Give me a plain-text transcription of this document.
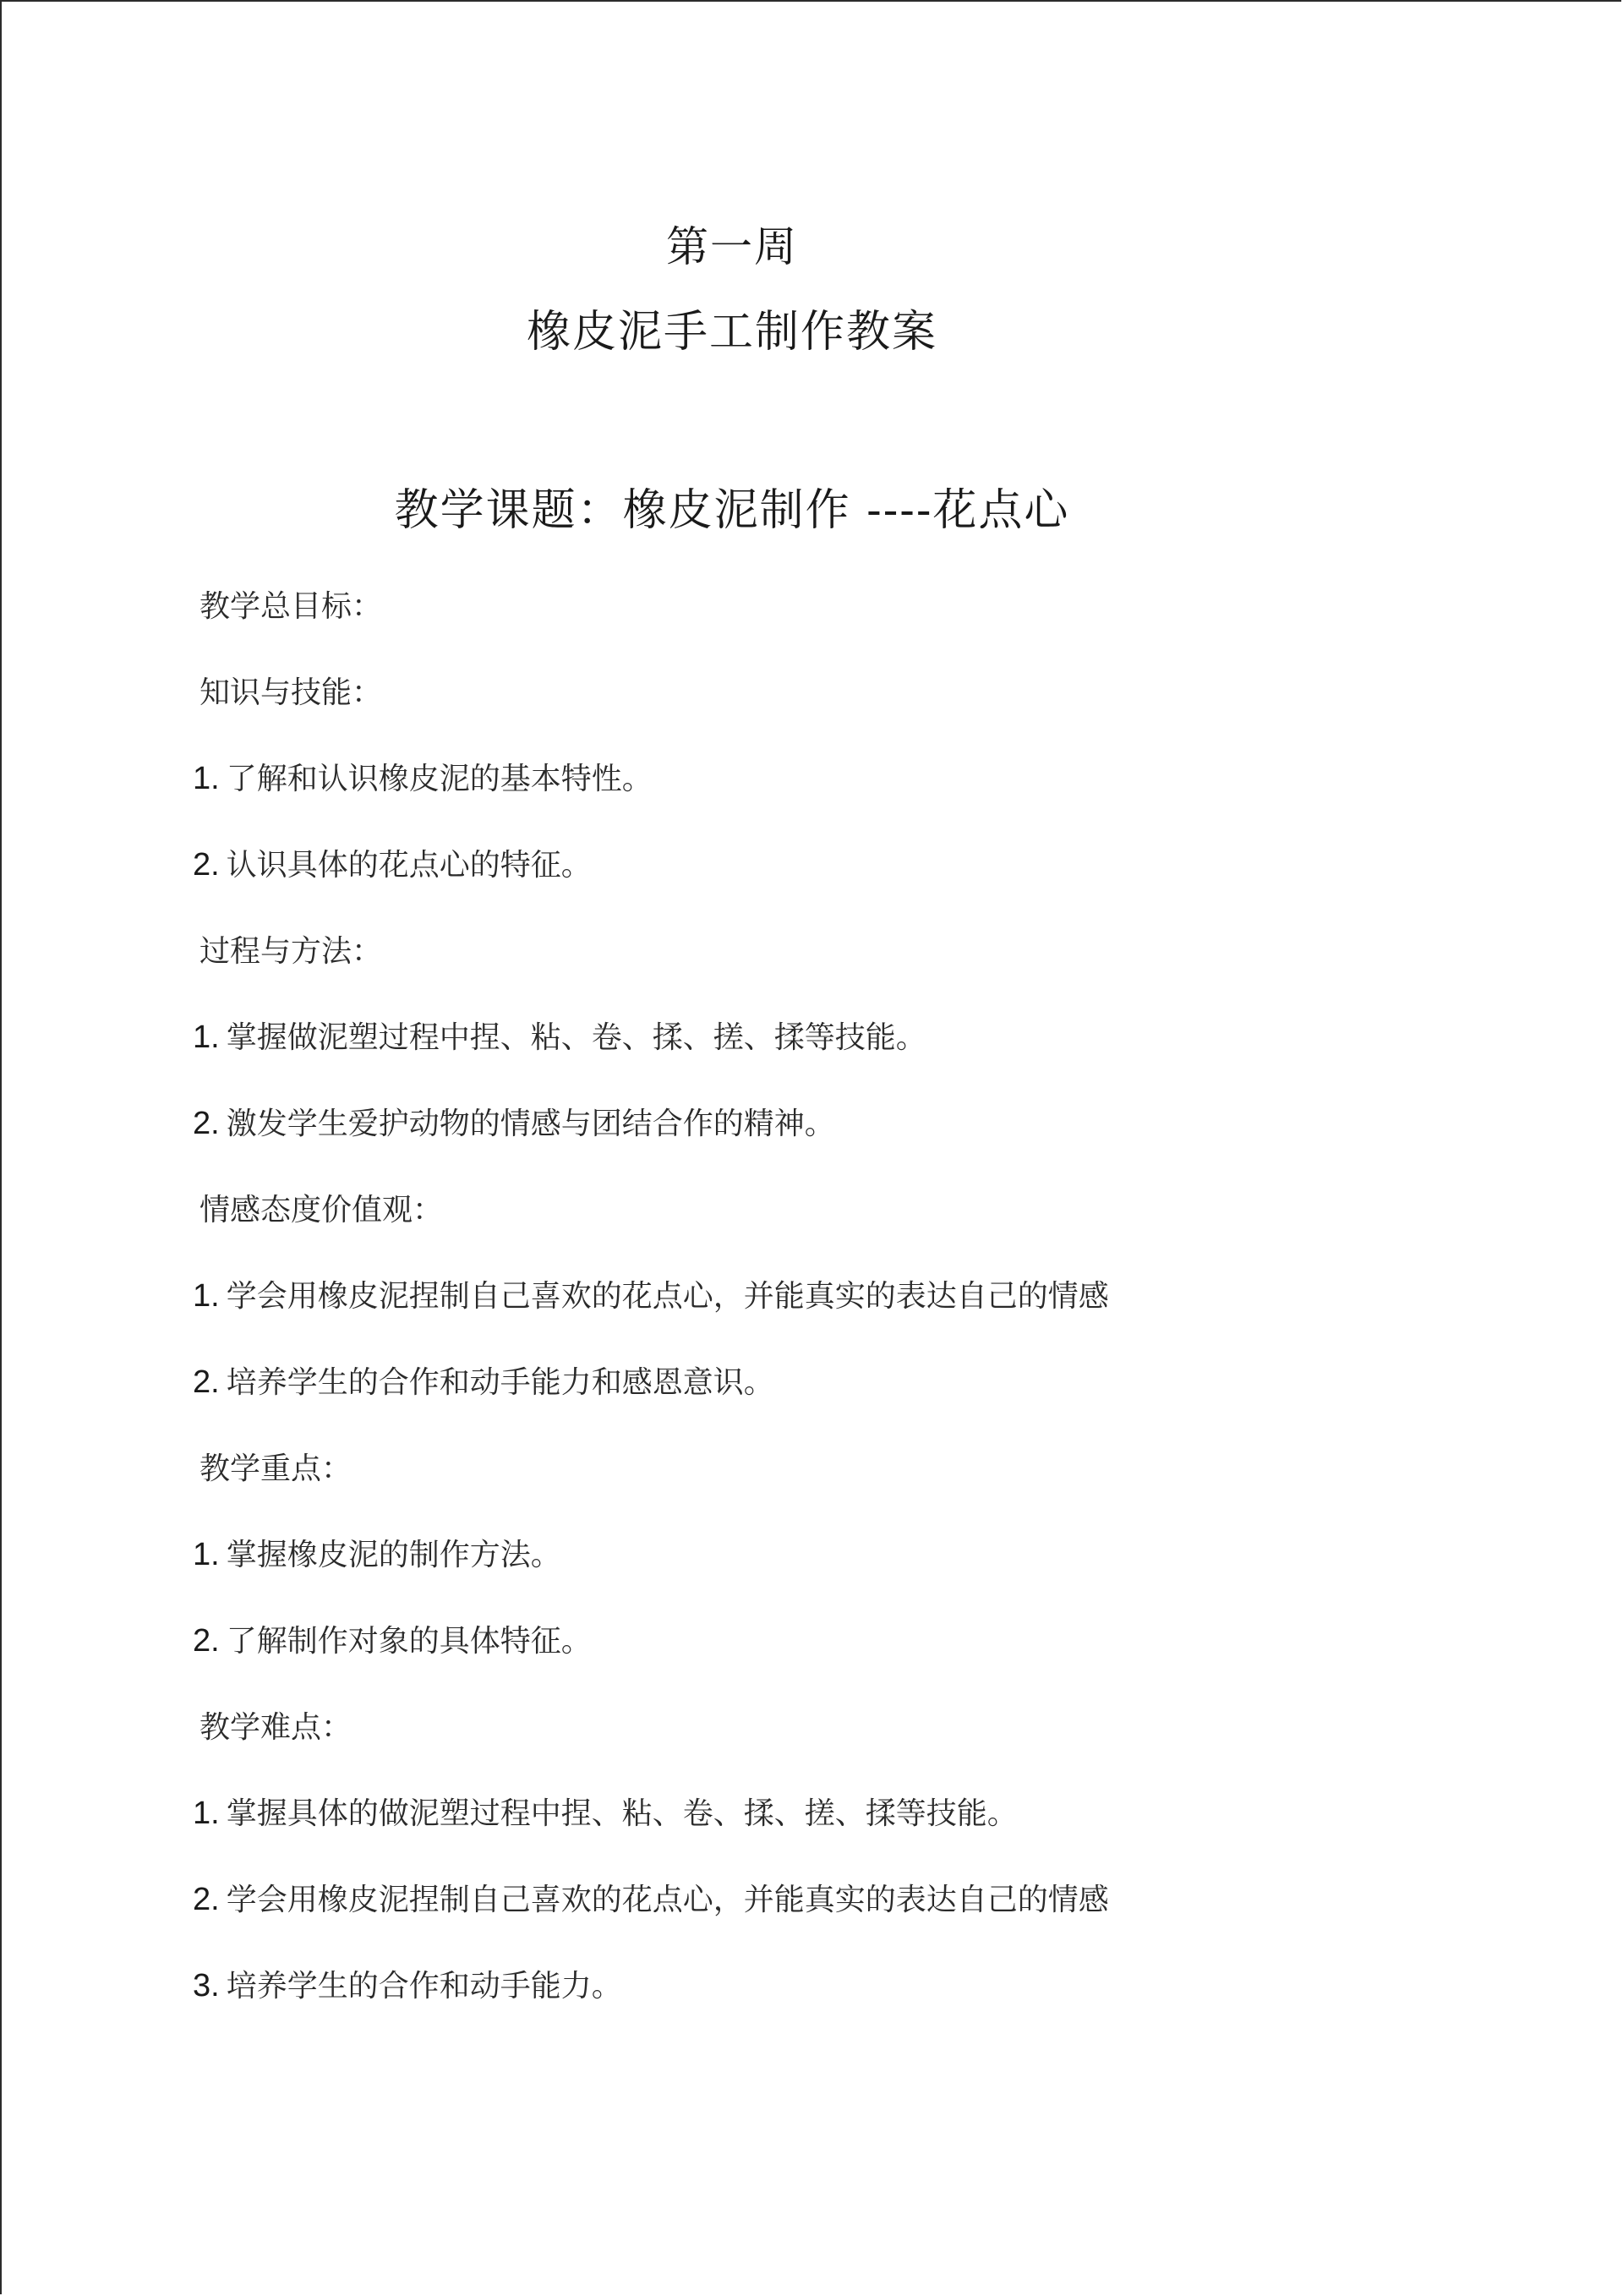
第一周
橡皮泥手工制作教案
教学课题：橡皮泥制作 ----花点心
教学总目标：
知识与技能：
1. 了解和认识橡皮泥的基本特性。
2. 认识具体的花点心的特征。
过程与方法：
1. 掌握做泥塑过程中捏、粘、卷、揉、搓、揉等技能。
2. 激发学生爱护动物的情感与团结合作的精神。
情感态度价值观：
1. 学会用橡皮泥捏制自己喜欢的花点心，并能真实的表达自己的情感
2. 培养学生的合作和动手能力和感恩意识。
教学重点：
1. 掌握橡皮泥的制作方法。
2. 了解制作对象的具体特征。
教学难点：
1. 掌握具体的做泥塑过程中捏、粘、卷、揉、搓、揉等技能。
2. 学会用橡皮泥捏制自己喜欢的花点心，并能真实的表达自己的情感
3. 培养学生的合作和动手能力。
